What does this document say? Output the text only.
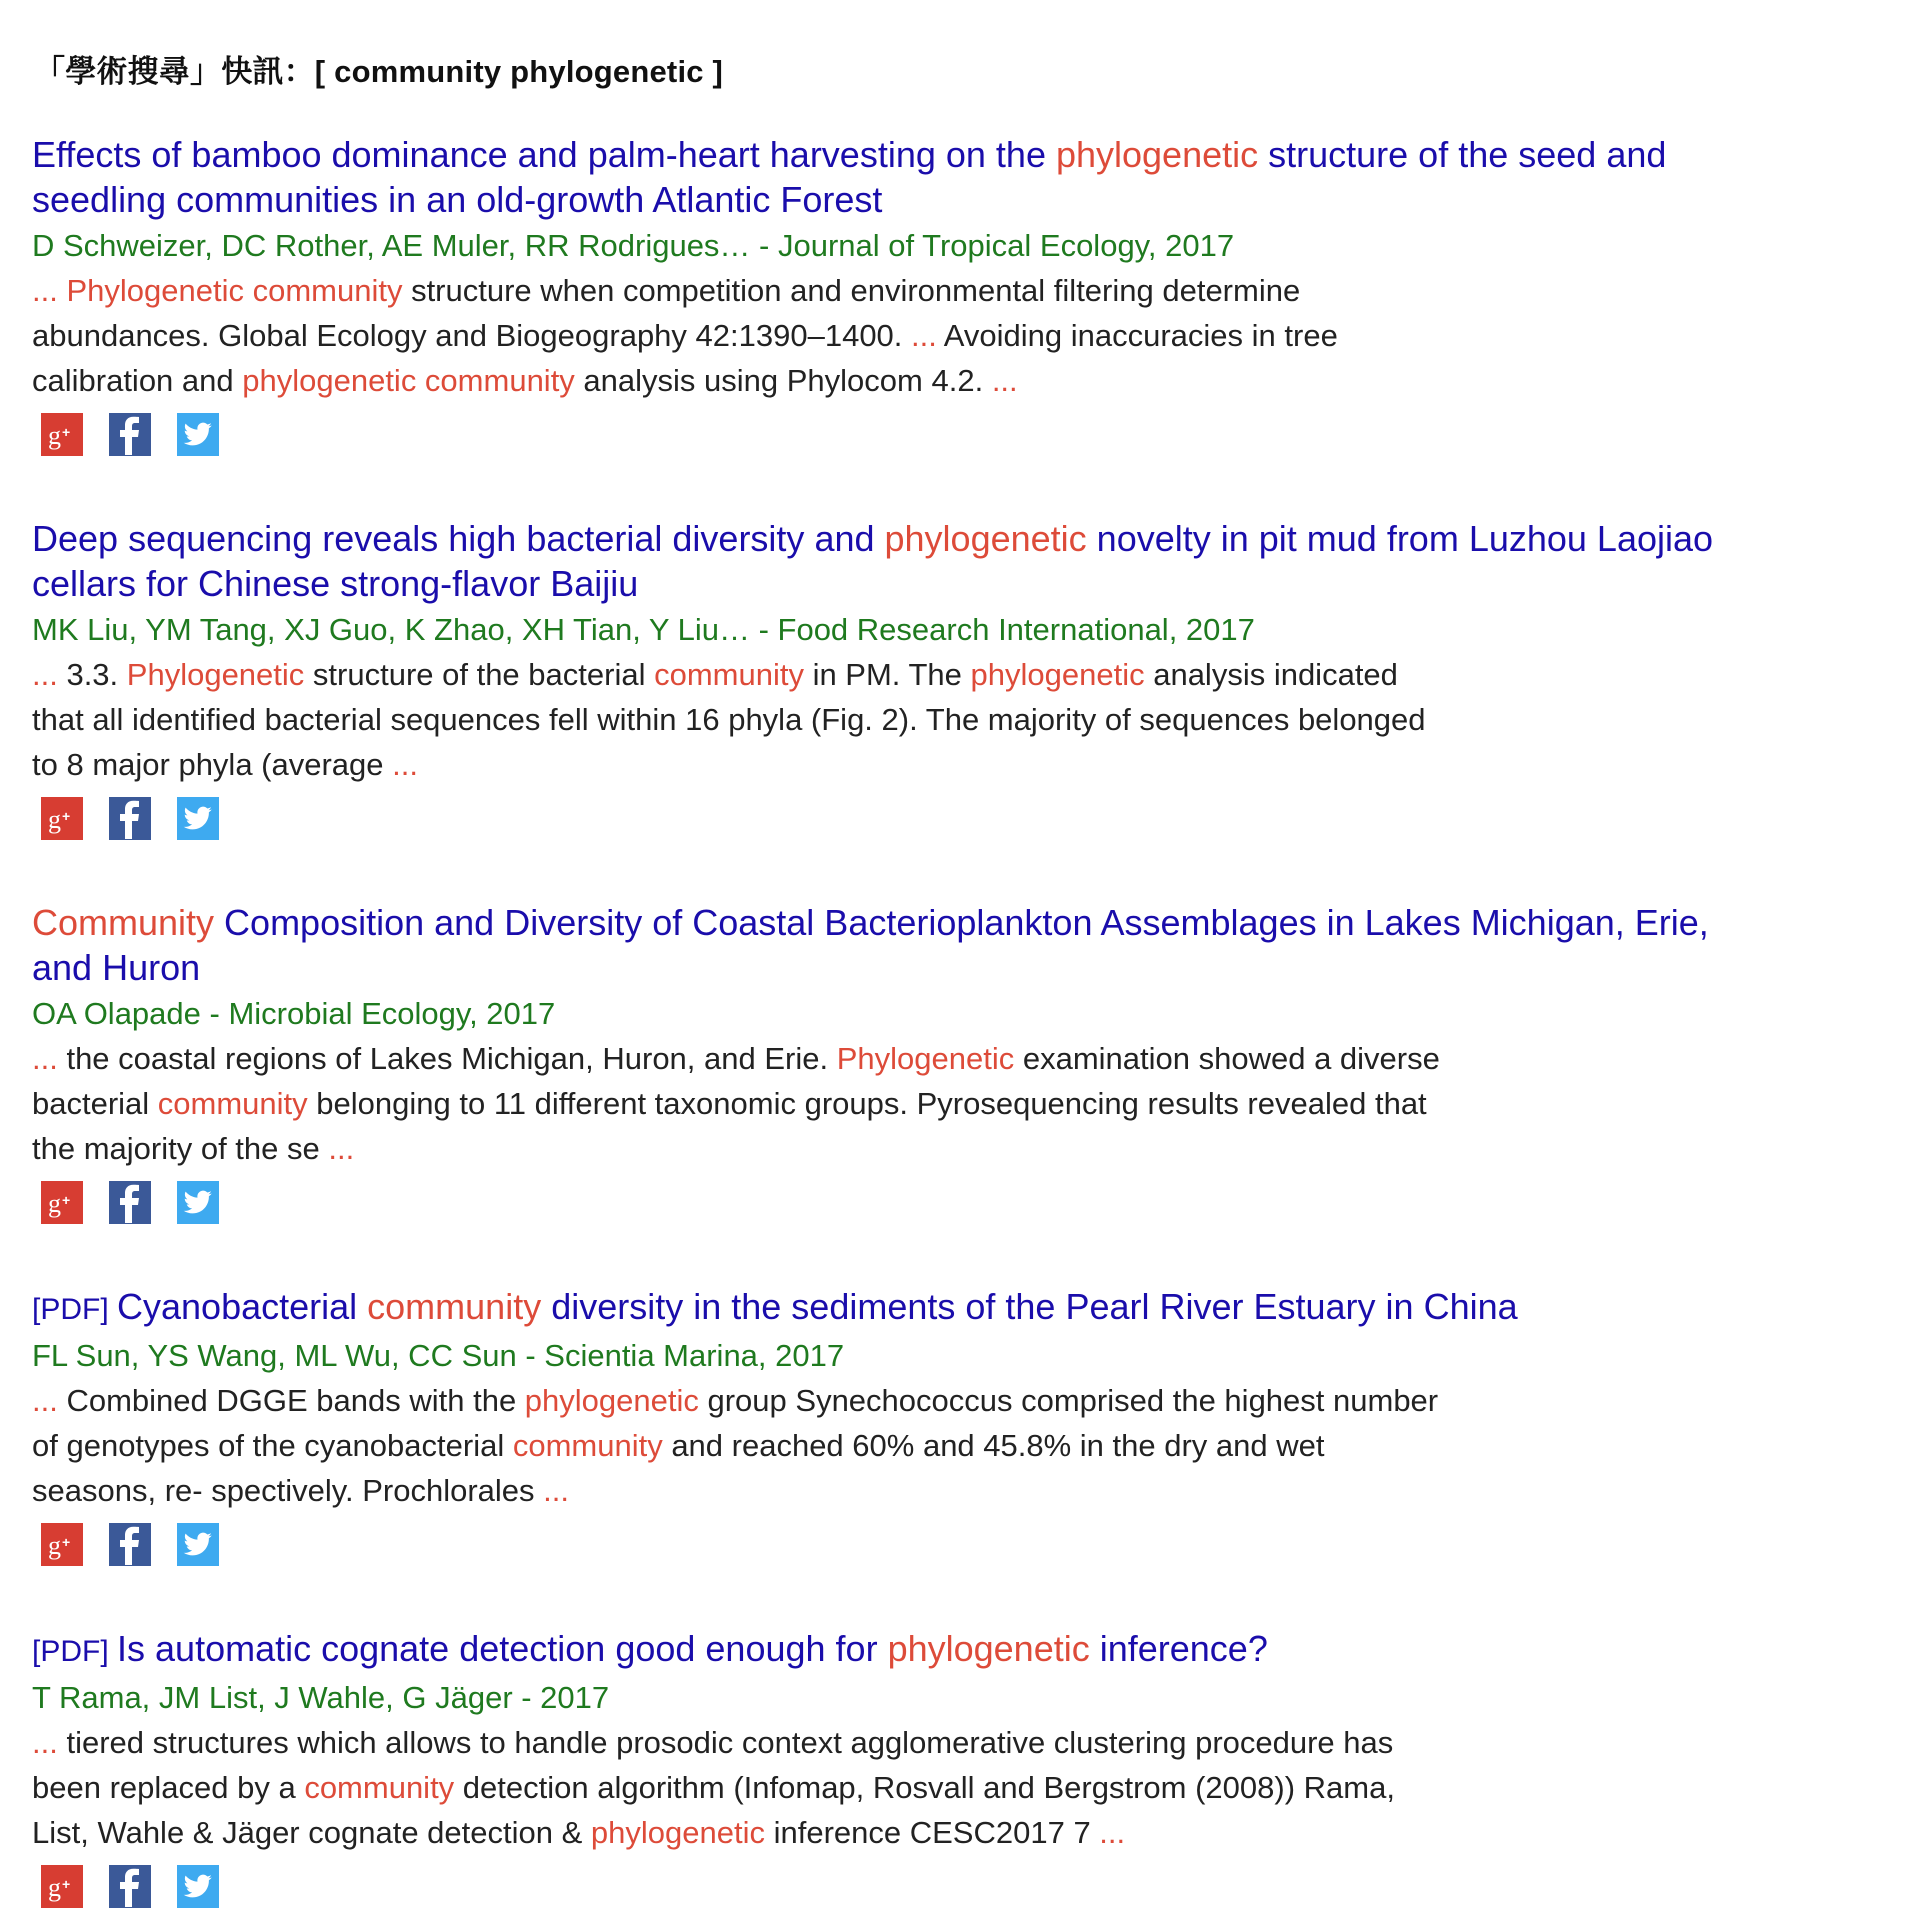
「學術搜尋」快訊：[ community phylogenetic ]
Effects of bamboo dominance and palm-heart harvesting on the phylogenetic structure of the seed and seedling communities in an old-growth Atlantic Forest
D Schweizer, DC Rother, AE Muler, RR Rodrigues… - Journal of Tropical Ecology, 2017
... Phylogenetic community structure when competition and environmental filtering determine abundances. Global Ecology and Biogeography 42:1390–1400. ... Avoiding inaccuracies in tree calibration and phylogenetic community analysis using Phylocom 4.2. ...
g +
Deep sequencing reveals high bacterial diversity and phylogenetic novelty in pit mud from Luzhou Laojiao cellars for Chinese strong-flavor Baijiu
MK Liu, YM Tang, XJ Guo, K Zhao, XH Tian, Y Liu… - Food Research International, 2017
... 3.3. Phylogenetic structure of the bacterial community in PM. The phylogenetic analysis indicated that all identified bacterial sequences fell within 16 phyla (Fig. 2). The majority of sequences belonged to 8 major phyla (average ...
g +
Community Composition and Diversity of Coastal Bacterioplankton Assemblages in Lakes Michigan, Erie, and Huron
OA Olapade - Microbial Ecology, 2017
... the coastal regions of Lakes Michigan, Huron, and Erie. Phylogenetic examination showed a diverse bacterial community belonging to 11 different taxonomic groups. Pyrosequencing results revealed that the majority of the se ...
g +
[PDF] Cyanobacterial community diversity in the sediments of the Pearl River Estuary in China
FL Sun, YS Wang, ML Wu, CC Sun - Scientia Marina, 2017
... Combined DGGE bands with the phylogenetic group Synechococcus comprised the highest number of genotypes of the cyanobacterial community and reached 60% and 45.8% in the dry and wet seasons, re- spectively. Prochlorales ...
g +
[PDF] Is automatic cognate detection good enough for phylogenetic inference?
T Rama, JM List, J Wahle, G Jäger - 2017
... tiered structures which allows to handle prosodic context agglomerative clustering procedure has been replaced by a community detection algorithm (Infomap, Rosvall and Bergstrom (2008)) Rama, List, Wahle & Jäger cognate detection & phylogenetic inference CESC2017 7 ...
g +
